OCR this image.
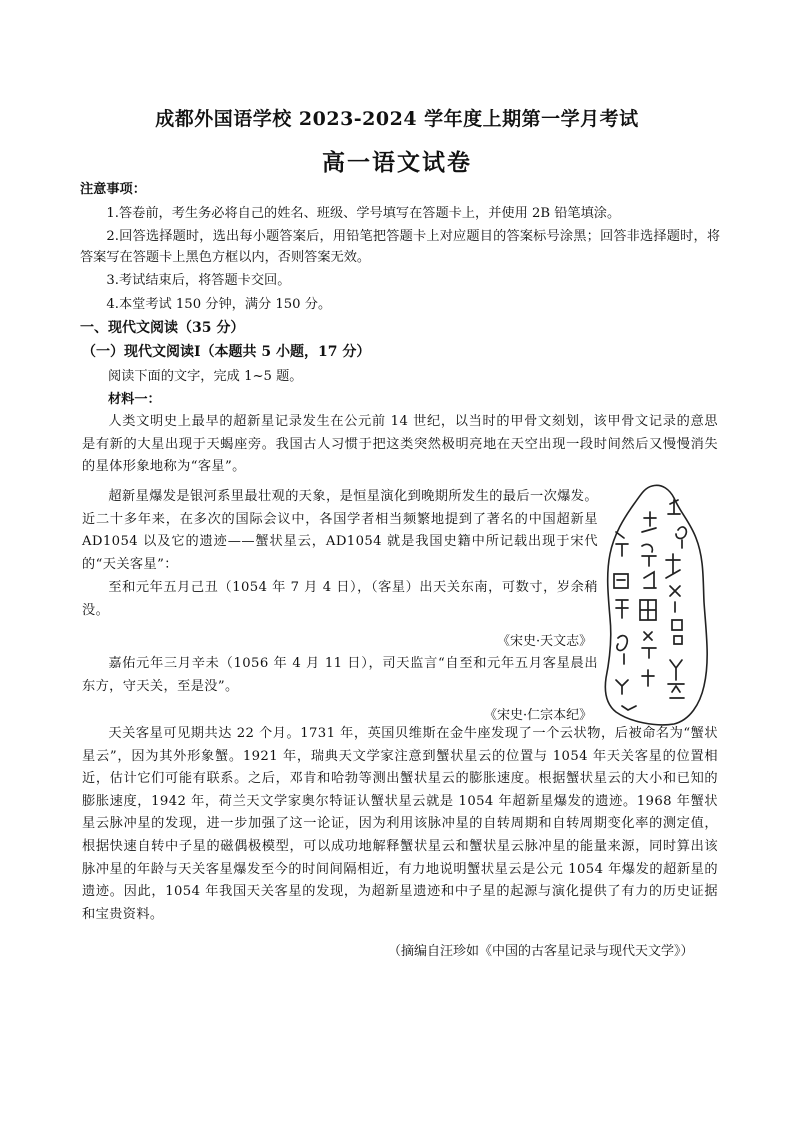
成都外国语学校 2023-2024 学年度上期第一学月考试
高一语文试卷
注意事项：
1.答卷前，考生务必将自己的姓名、班级、学号填写在答题卡上，并使用 2B 铅笔填涂。
2.回答选择题时，选出每小题答案后，用铅笔把答题卡上对应题目的答案标号涂黑；回答非选择题时，将答案写在答题卡上黑色方框以内，否则答案无效。
3.考试结束后，将答题卡交回。
4.本堂考试 150 分钟，满分 150 分。
一、现代文阅读（35 分）
（一）现代文阅读Ⅰ（本题共 5 小题，17 分）
阅读下面的文字，完成 1~5 题。
材料一：
人类文明史上最早的超新星记录发生在公元前 14 世纪，以当时的甲骨文刻划，该甲骨文记录的意思是有新的大星出现于天蝎座旁。我国古人习惯于把这类突然极明亮地在天空出现一段时间然后又慢慢消失的星体形象地称为“客星”。
超新星爆发是银河系里最壮观的天象，是恒星演化到晚期所发生的最后一次爆发。近二十多年来，在多次的国际会议中，各国学者相当频繁地提到了著名的中国超新星 AD1054 以及它的遗迹——蟹状星云，AD1054 就是我国史籍中所记载出现于宋代的“天关客星”：
至和元年五月己丑（1054 年 7 月 4 日），（客星）出天关东南，可数寸，岁余稍没。
《宋史·天文志》
嘉佑元年三月辛未（1056 年 4 月 11 日），司天监言“自至和元年五月客星晨出东方，守天关，至是没”。
《宋史·仁宗本纪》
天关客星可见期共达 22 个月。1731 年，英国贝维斯在金牛座发现了一个云状物，后被命名为“蟹状星云”，因为其外形象蟹。1921 年，瑞典天文学家注意到蟹状星云的位置与 1054 年天关客星的位置相近，估计它们可能有联系。之后，邓肯和哈勃等测出蟹状星云的膨胀速度。根据蟹状星云的大小和已知的膨胀速度，1942 年，荷兰天文学家奥尔特证认蟹状星云就是 1054 年超新星爆发的遗迹。1968 年蟹状星云脉冲星的发现，进一步加强了这一论证，因为利用该脉冲星的自转周期和自转周期变化率的测定值，根据快速自转中子星的磁偶极模型，可以成功地解释蟹状星云和蟹状星云脉冲星的能量来源，同时算出该脉冲星的年龄与天关客星爆发至今的时间间隔相近，有力地说明蟹状星云是公元 1054 年爆发的超新星的遗迹。因此，1054 年我国天关客星的发现，为超新星遗迹和中子星的起源与演化提供了有力的历史证据和宝贵资料。
（摘编自汪珍如《中国的古客星记录与现代天文学》）
